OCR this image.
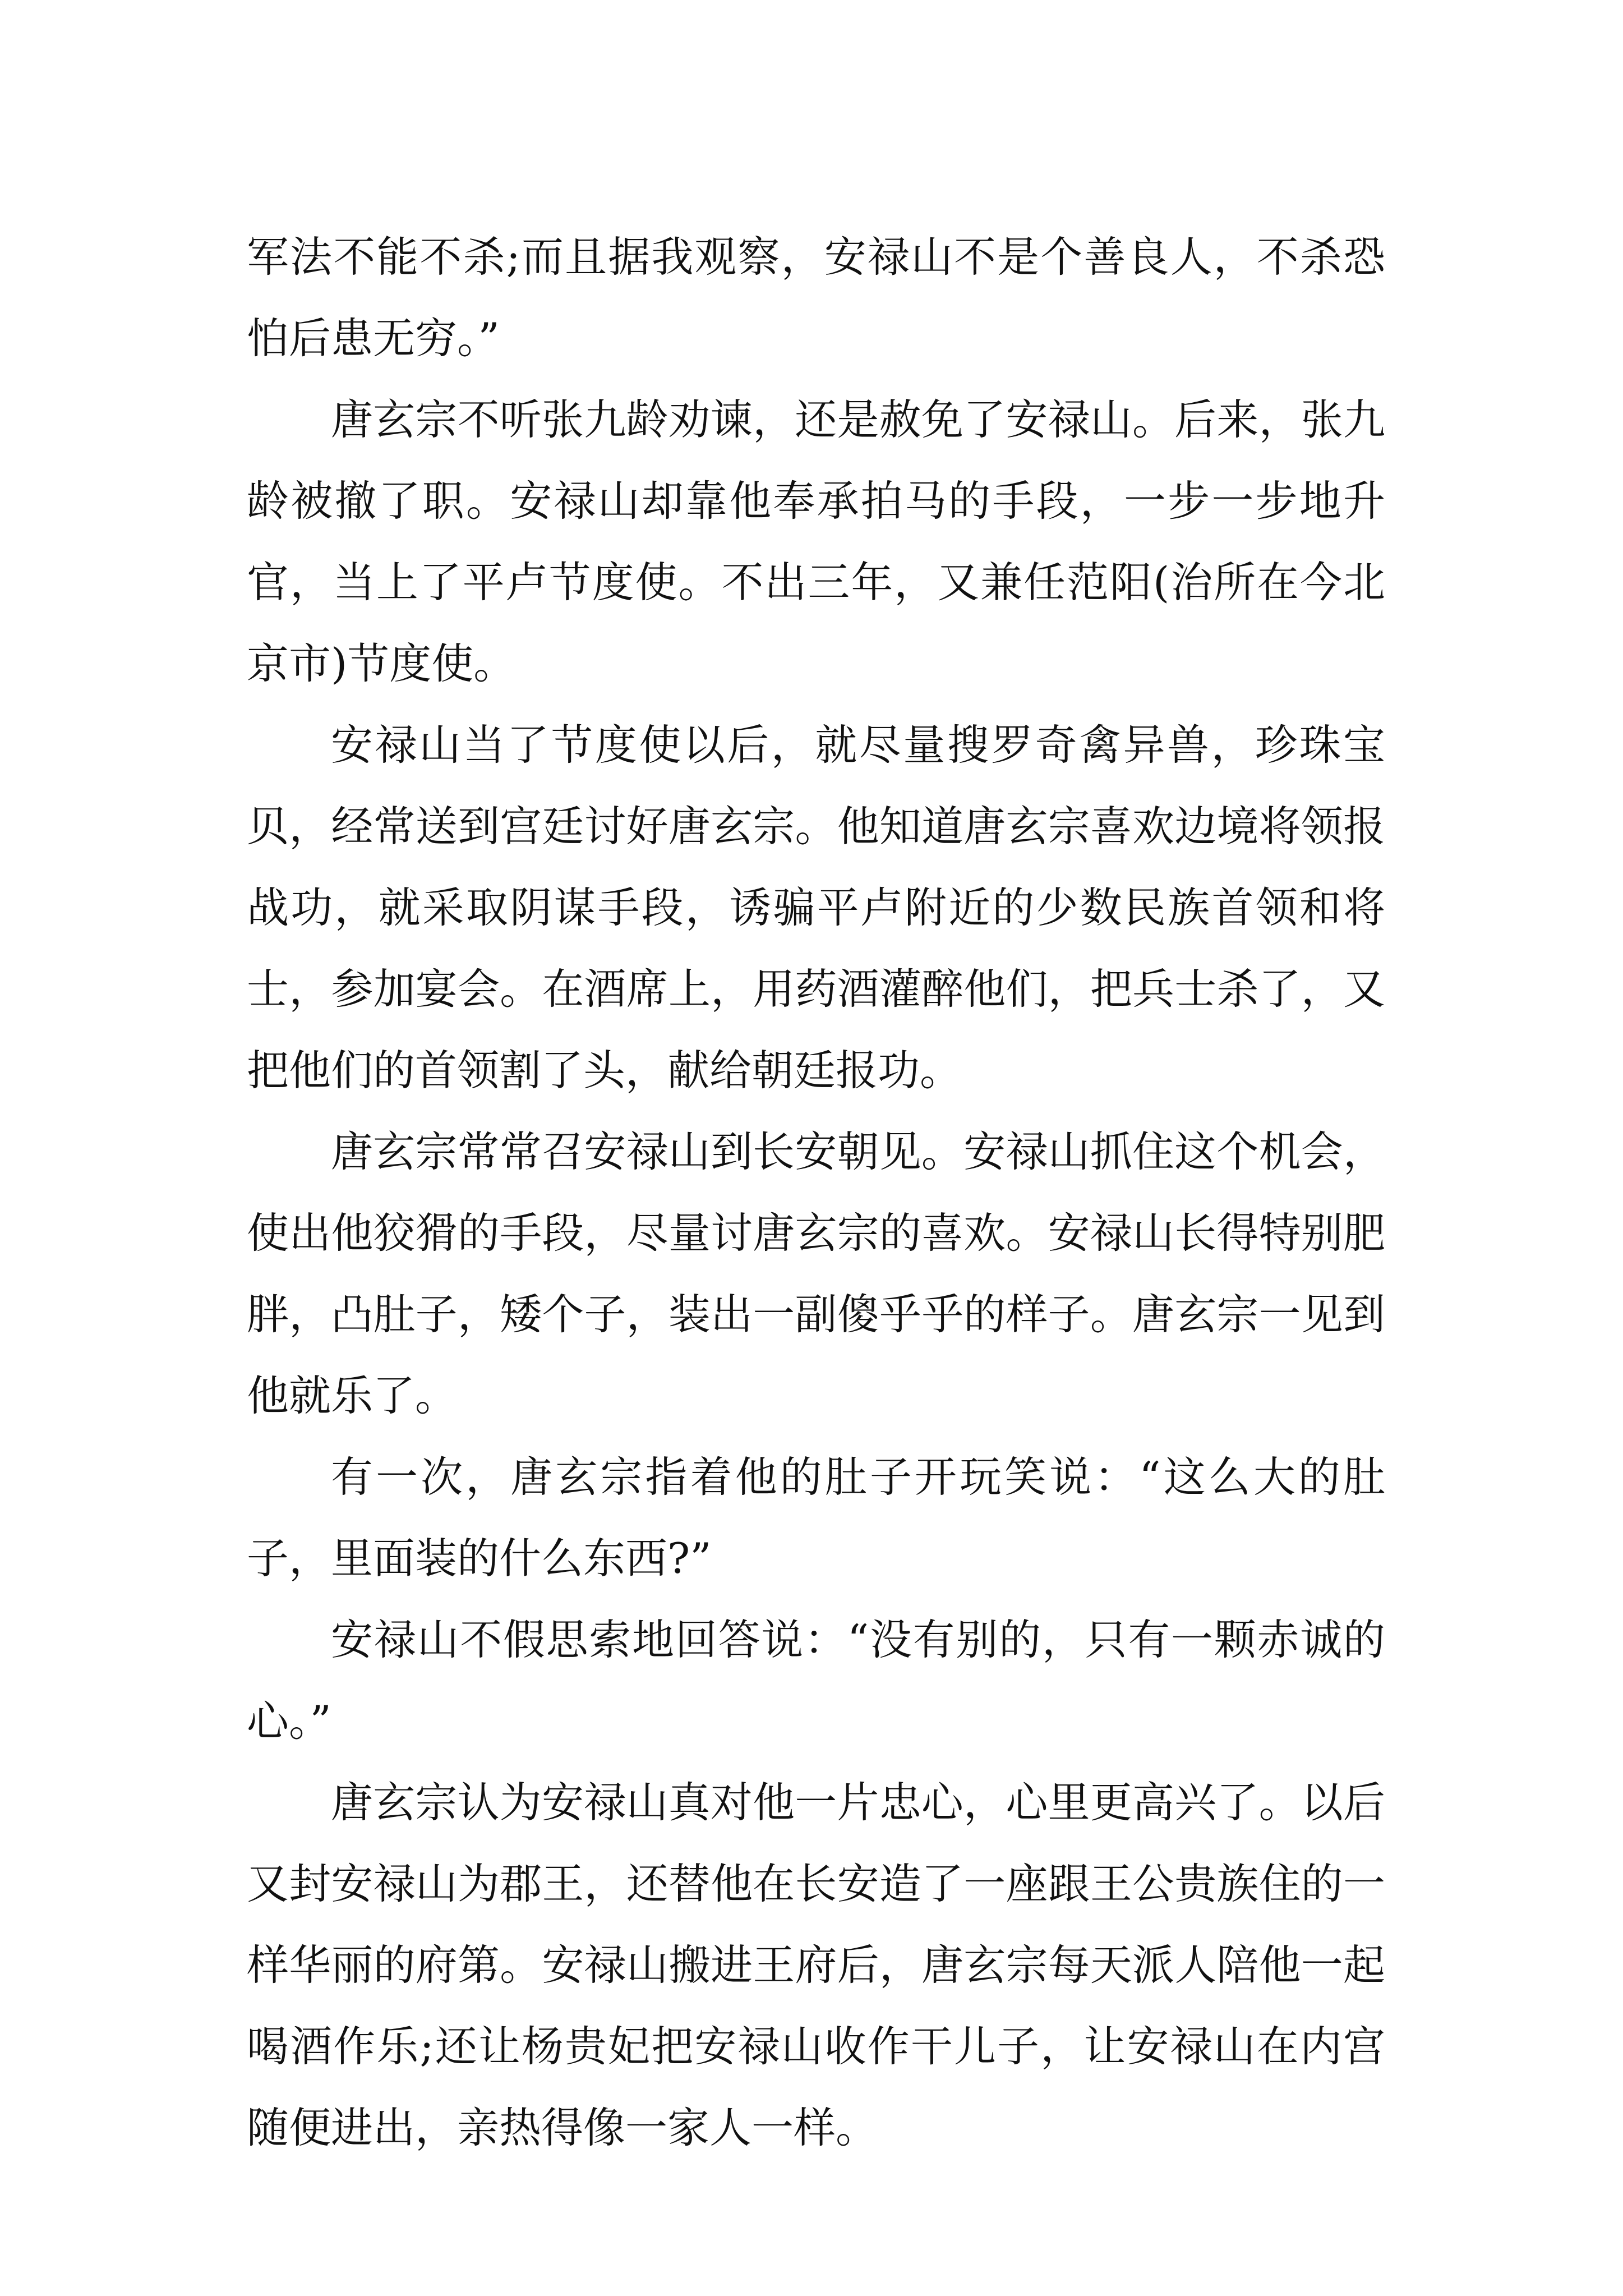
军法不能不杀;而且据我观察，安禄山不是个善良人，不杀恐怕后患无穷。”

唐玄宗不听张九龄劝谏，还是赦免了安禄山。后来，张九龄被撤了职。安禄山却靠他奉承拍马的手段，一步一步地升官，当上了平卢节度使。不出三年，又兼任范阳(治所在今北京市)节度使。

安禄山当了节度使以后，就尽量搜罗奇禽异兽，珍珠宝贝，经常送到宫廷讨好唐玄宗。他知道唐玄宗喜欢边境将领报战功，就采取阴谋手段，诱骗平卢附近的少数民族首领和将士，参加宴会。在酒席上，用药酒灌醉他们，把兵士杀了，又把他们的首领割了头，献给朝廷报功。

唐玄宗常常召安禄山到长安朝见。安禄山抓住这个机会，使出他狡猾的手段，尽量讨唐玄宗的喜欢。安禄山长得特别肥胖，凸肚子，矮个子，装出一副傻乎乎的样子。唐玄宗一见到他就乐了。

有一次，唐玄宗指着他的肚子开玩笑说：“这么大的肚子，里面装的什么东西?”

安禄山不假思索地回答说：“没有别的，只有一颗赤诚的心。”

唐玄宗认为安禄山真对他一片忠心，心里更高兴了。以后又封安禄山为郡王，还替他在长安造了一座跟王公贵族住的一样华丽的府第。安禄山搬进王府后，唐玄宗每天派人陪他一起喝酒作乐;还让杨贵妃把安禄山收作干儿子，让安禄山在内宫随便进出，亲热得像一家人一样。
